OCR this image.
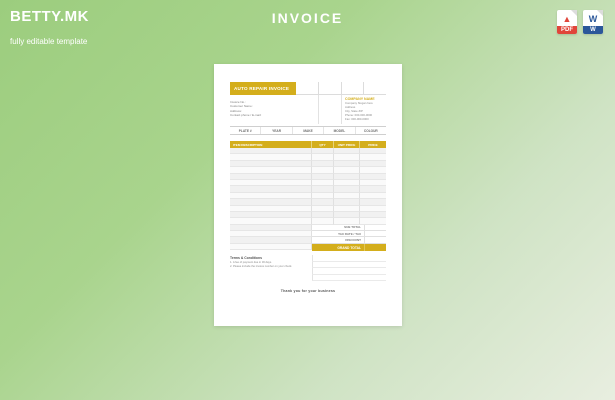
BETTY.MK
fully editable template
INVOICE	▲
PDF
W
W
AUTO REPAIR INVOICE
Invoice No.:
Customer Name:
Address:
Contact phone / E-mail:
COMPANY NAME
Company Slogan here
Address
City, State ZIP
Phone: 000-000-0000
Fax: 000-000-0000
PLATE #	YEAR	MAKE	MODEL	COLOUR
ITEM DESCRIPTION	QTY	UNIT PRICE	PRICE
SUB TOTAL
TAX RATE / TAX
DISCOUNT
GRAND TOTAL
Terms & Conditions
1. A fee of payment due in 30 days.
2. Please include the invoice number on your check.
Thank you for your business
